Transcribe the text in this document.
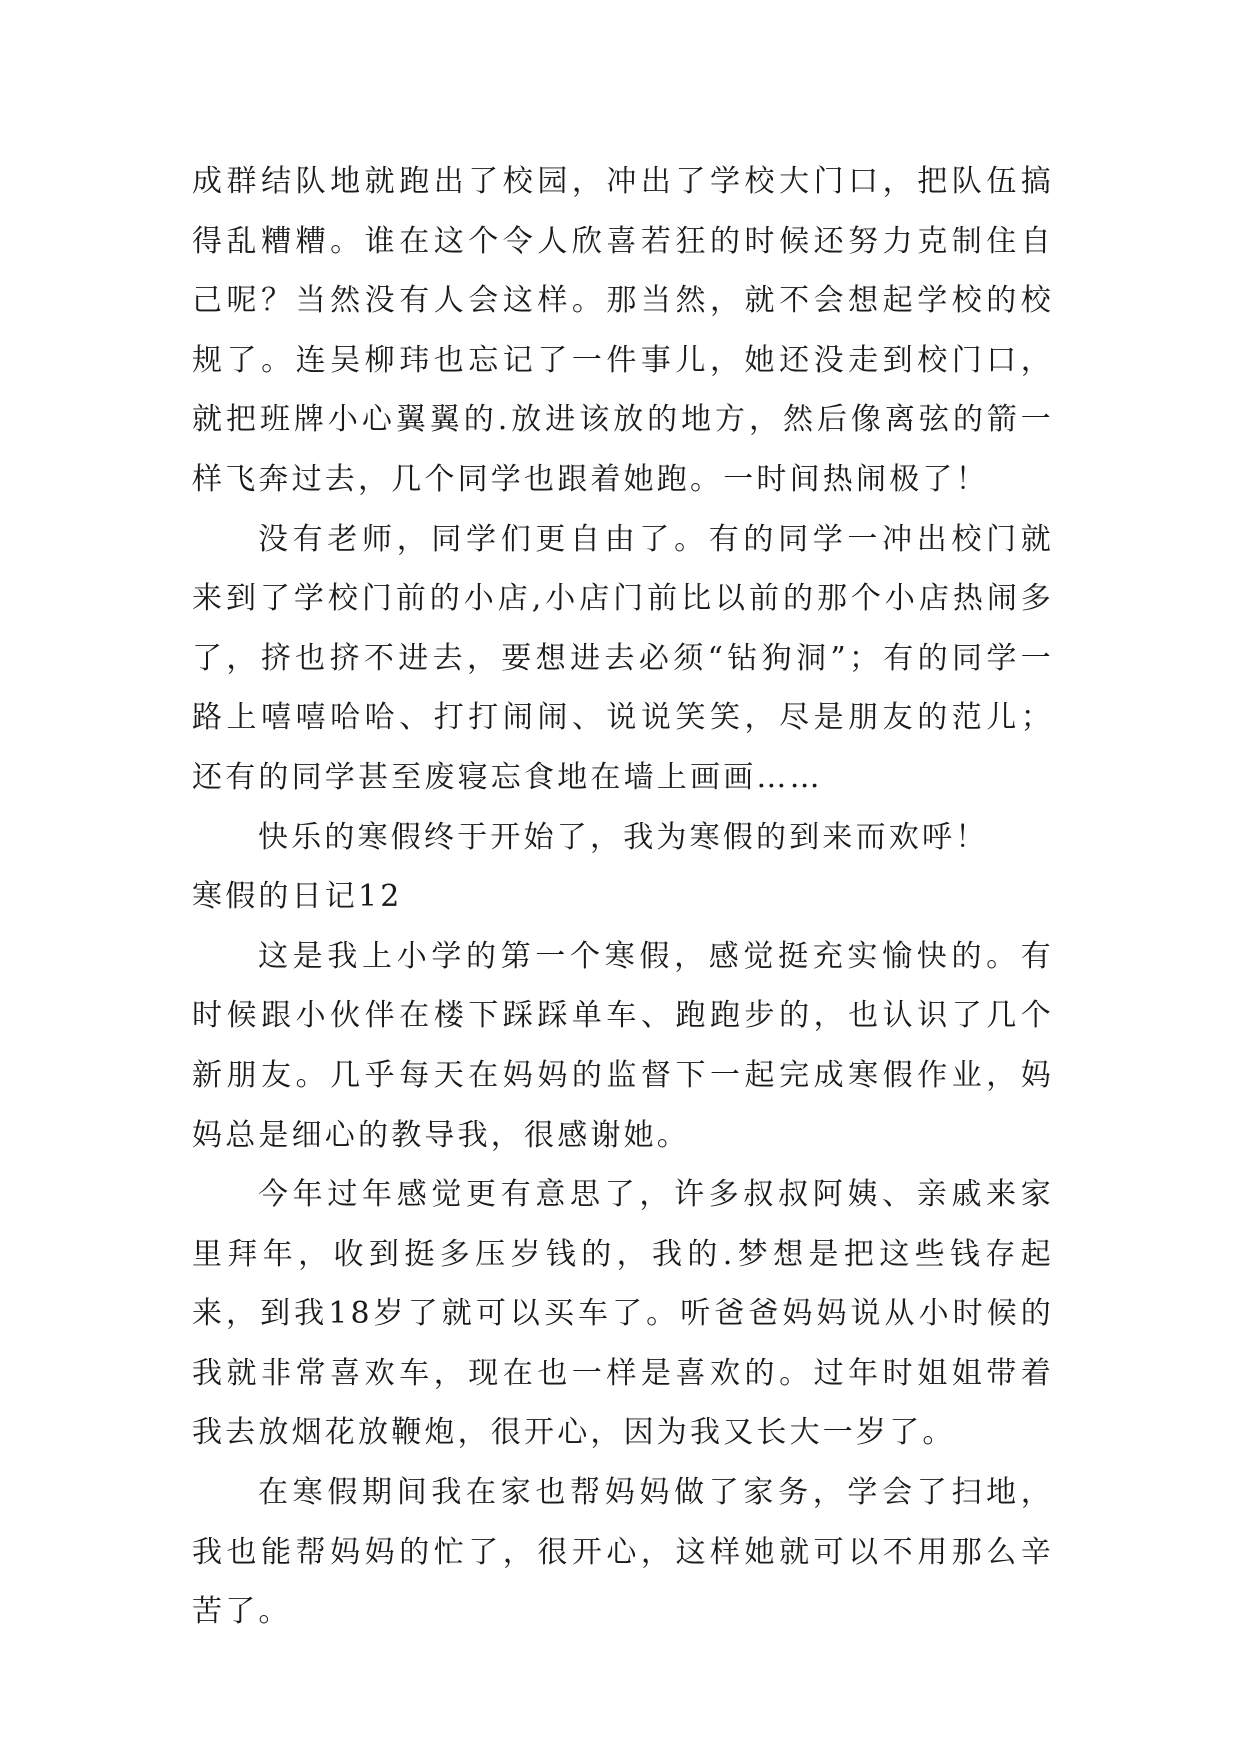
成群结队地就跑出了校园，冲出了学校大门口，把队伍搞得乱糟糟。谁在这个令人欣喜若狂的时候还努力克制住自己呢？当然没有人会这样。那当然，就不会想起学校的校规了。连吴柳玮也忘记了一件事儿，她还没走到校门口，就把班牌小心翼翼的.放进该放的地方，然后像离弦的箭一样飞奔过去，几个同学也跟着她跑。一时间热闹极了！

没有老师，同学们更自由了。有的同学一冲出校门就来到了学校门前的小店,小店门前比以前的那个小店热闹多了，挤也挤不进去，要想进去必须“钻狗洞”；有的同学一路上嘻嘻哈哈、打打闹闹、说说笑笑，尽是朋友的范儿；还有的同学甚至废寝忘食地在墙上画画……

快乐的寒假终于开始了，我为寒假的到来而欢呼！

寒假的日记12

这是我上小学的第一个寒假，感觉挺充实愉快的。有时候跟小伙伴在楼下踩踩单车、跑跑步的，也认识了几个新朋友。几乎每天在妈妈的监督下一起完成寒假作业，妈妈总是细心的教导我，很感谢她。

今年过年感觉更有意思了，许多叔叔阿姨、亲戚来家里拜年，收到挺多压岁钱的，我的.梦想是把这些钱存起来，到我18岁了就可以买车了。听爸爸妈妈说从小时候的我就非常喜欢车，现在也一样是喜欢的。过年时姐姐带着我去放烟花放鞭炮，很开心，因为我又长大一岁了。

在寒假期间我在家也帮妈妈做了家务，学会了扫地，我也能帮妈妈的忙了，很开心，这样她就可以不用那么辛苦了。
